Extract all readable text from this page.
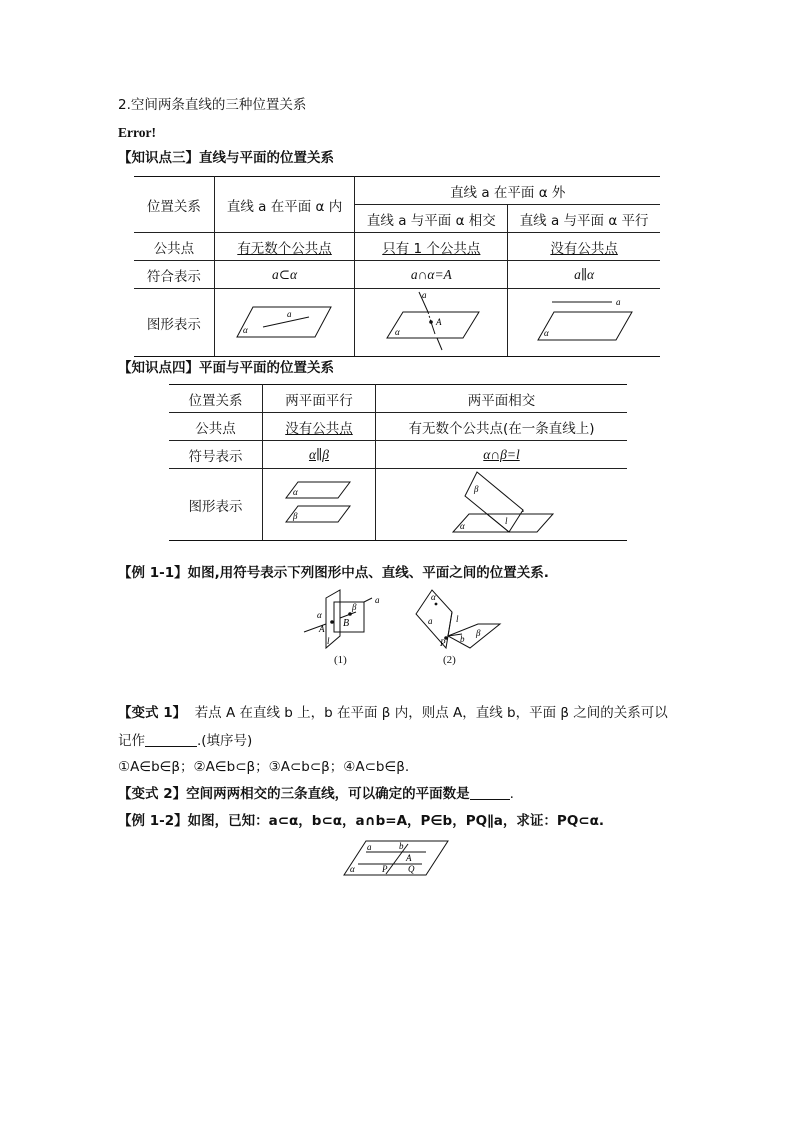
2.空间两条直线的三种位置关系
Error!
【知识点三】直线与平面的位置关系
位置关系	直线 a 在平面 α 内	直线 a 在平面 α 外	
		直线 a 与平面 α 相交	直线 a 与平面 α 平行
公共点	有无数个公共点	只有 1 个公共点	没有公共点
符合表示	a⊂α	a∩α=A	a∥α
图形表示	a
α	a
A
α	a
α
【知识点四】平面与平面的位置关系
位置关系	两平面平行	两平面相交
公共点	没有公共点	有无数个公共点(在一条直线上)
符号表示	α∥β	α∩β=l
图形表示	α
β	β
l
α
【例 1-1】如图,用符号表示下列图形中点、直线、平面之间的位置关系.
α
β
a
A B
l
(1)
α
a	l
P b
β
(2)
【变式 1】 若点 A 在直线 b 上，b 在平面 β 内，则点 A，直线 b，平面 β 之间的关系可以
记作	.(填序号)
①A∈b∈β；②A∈b⊂β；③A⊂b⊂β；④A⊂b∈β.
【变式 2】空间两两相交的三条直线，可以确定的平面数是	.
【例 1-2】如图，已知：a⊂α，b⊂α，a∩b=A，P∈b，PQ∥a，求证：PQ⊂α.
a	b
A
α	P Q
